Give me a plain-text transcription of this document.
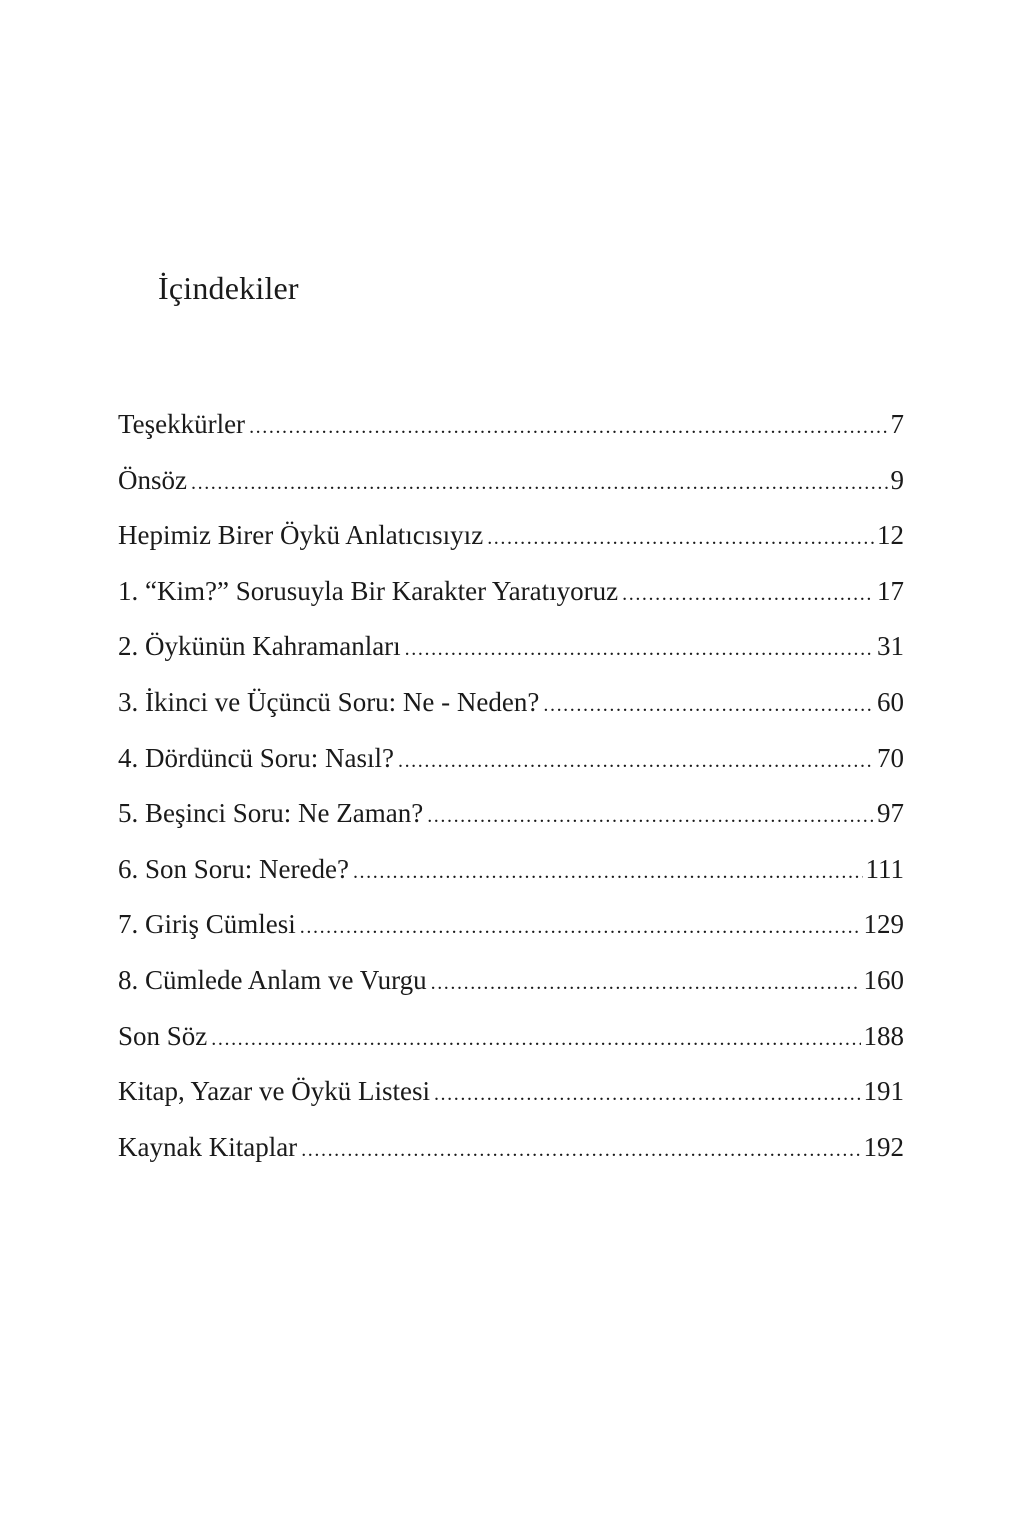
İçindekiler
Teşekkürler .....	7
Önsöz .....	9
Hepimiz Birer Öykü Anlatıcısıyız .....	12
1. “Kim?” Sorusuyla Bir Karakter Yaratıyoruz .....	17
2. Öykünün Kahramanları .....	31
3. İkinci ve Üçüncü Soru: Ne - Neden? .....	60
4. Dördüncü Soru: Nasıl? .....	70
5. Beşinci Soru: Ne Zaman? .....	97
6. Son Soru: Nerede? .....	111
7. Giriş Cümlesi .....	129
8. Cümlede Anlam ve Vurgu .....	160
Son Söz .....	188
Kitap, Yazar ve Öykü Listesi .....	191
Kaynak Kitaplar .....	192
